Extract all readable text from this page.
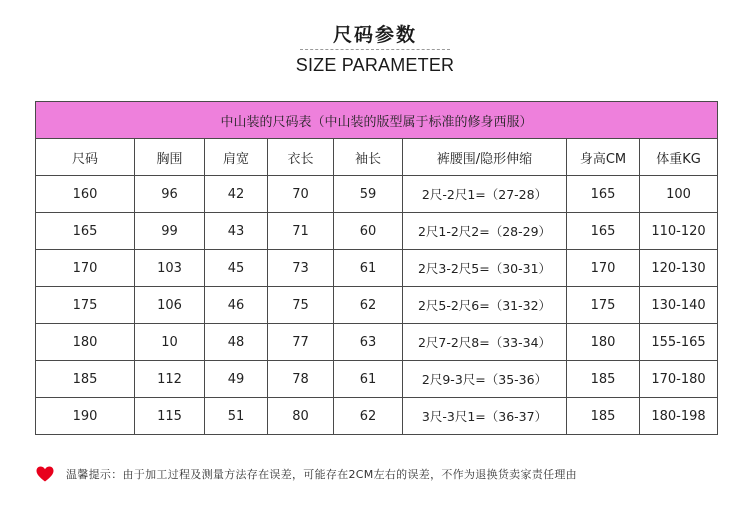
尺码参数
SIZE PARAMETER
中山装的尺码表（中山装的版型属于标准的修身西服）							
尺码	胸围	肩宽	衣长	袖长	裤腰围/隐形伸缩	身高CM	体重KG
160	96	42	70	59	2尺-2尺1=（27-28）	165	100
165	99	43	71	60	2尺1-2尺2=（28-29）	165	110-120
170	103	45	73	61	2尺3-2尺5=（30-31）	170	120-130
175	106	46	75	62	2尺5-2尺6=（31-32）	175	130-140
180	10	48	77	63	2尺7-2尺8=（33-34）	180	155-165
185	112	49	78	61	2尺9-3尺=（35-36）	185	170-180
190	115	51	80	62	3尺-3尺1=（36-37）	185	180-198
温馨提示：由于加工过程及测量方法存在误差，可能存在2CM左右的误差，不作为退换货卖家责任理由
